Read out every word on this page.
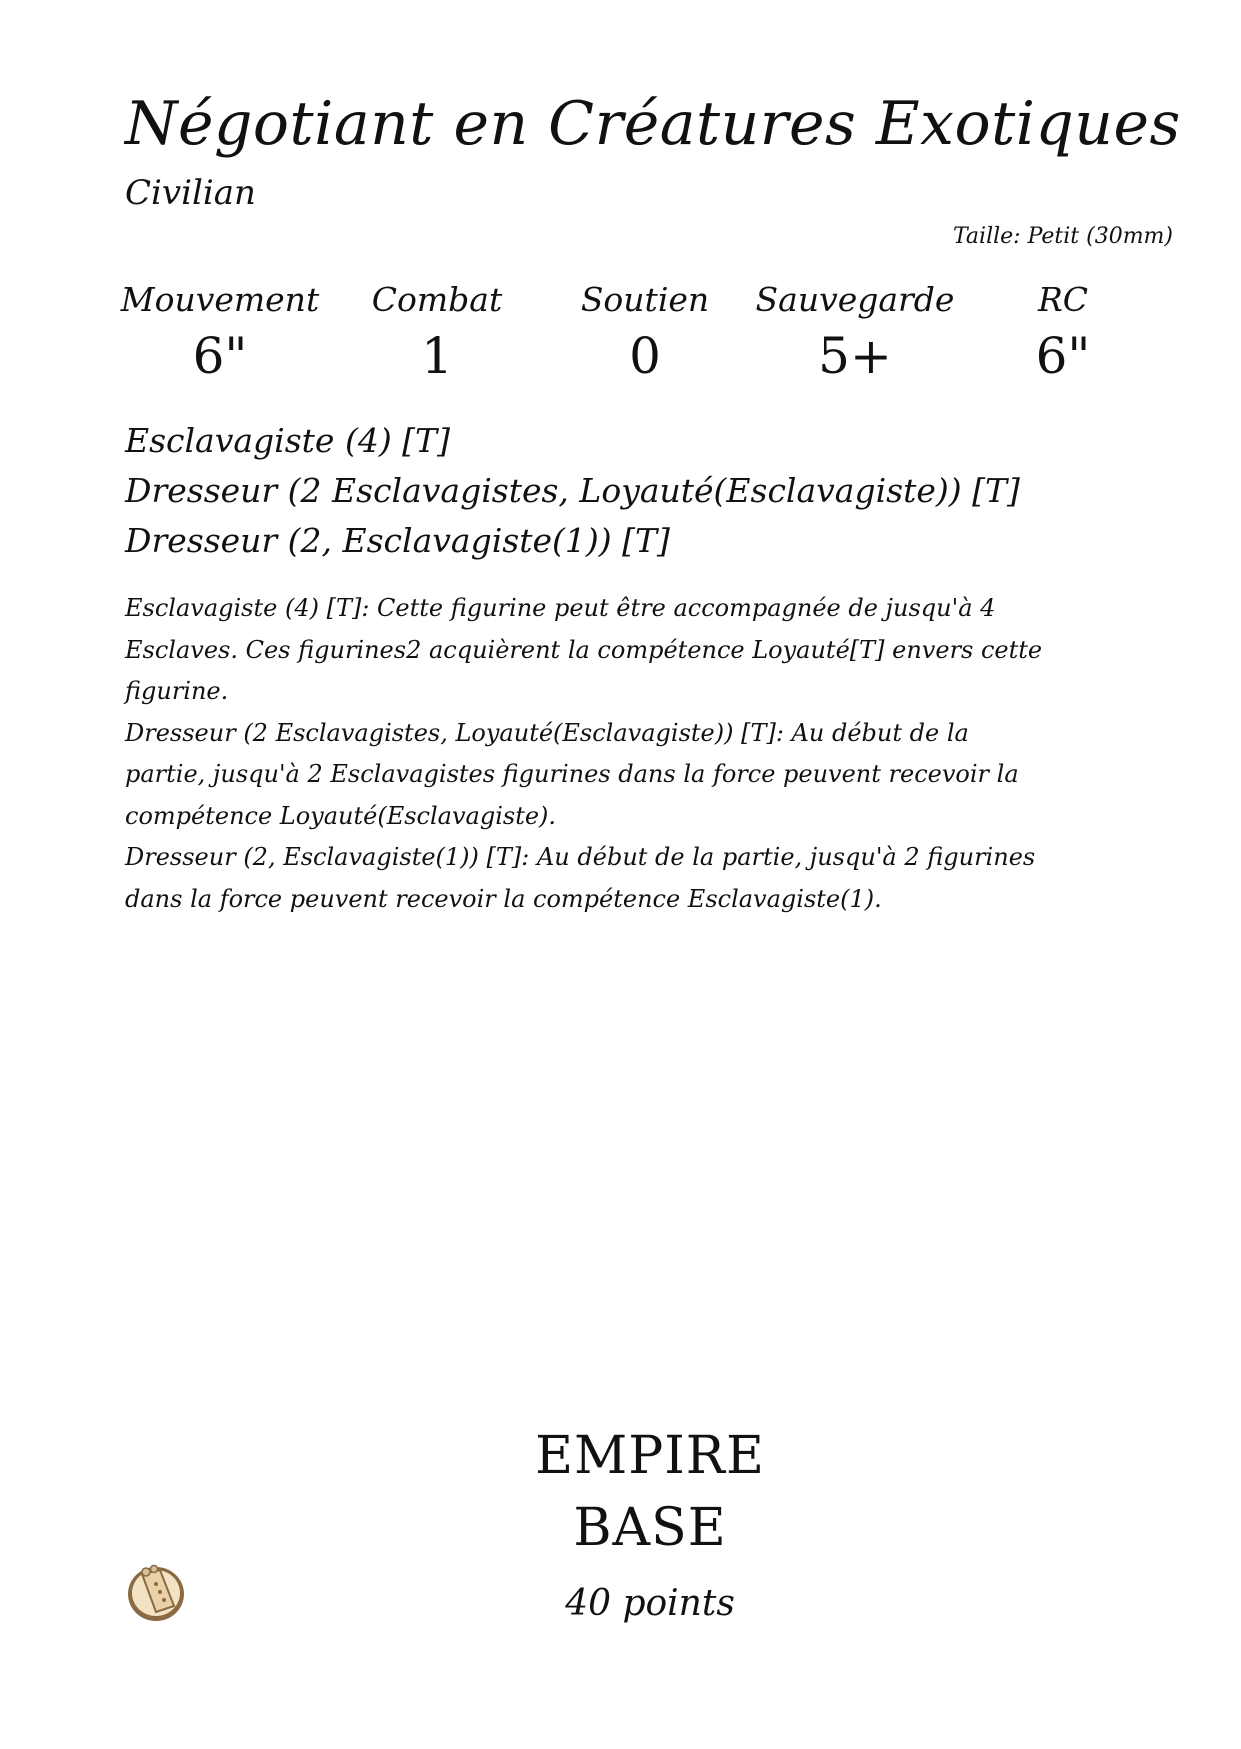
Négotiant en Créatures Exotiques
Civilian
Taille: Petit (30mm)
Mouvement
6"
Combat
1
Soutien
0
Sauvegarde
5+
RC
6"
Esclavagiste (4) [T]
Dresseur (2 Esclavagistes, Loyauté(Esclavagiste)) [T]
Dresseur (2, Esclavagiste(1)) [T]

Esclavagiste (4) [T]: Cette figurine peut être accompagnée de jusqu'à 4 Esclaves. Ces figurines2 acquièrent la compétence Loyauté[T] envers cette figurine.

Dresseur (2 Esclavagistes, Loyauté(Esclavagiste)) [T]: Au début de la partie, jusqu'à 2 Esclavagistes figurines dans la force peuvent recevoir la compétence Loyauté(Esclavagiste).

Dresseur (2, Esclavagiste(1)) [T]: Au début de la partie, jusqu'à 2 figurines dans la force peuvent recevoir la compétence Esclavagiste(1).

EMPIRE
BASE
40 points
